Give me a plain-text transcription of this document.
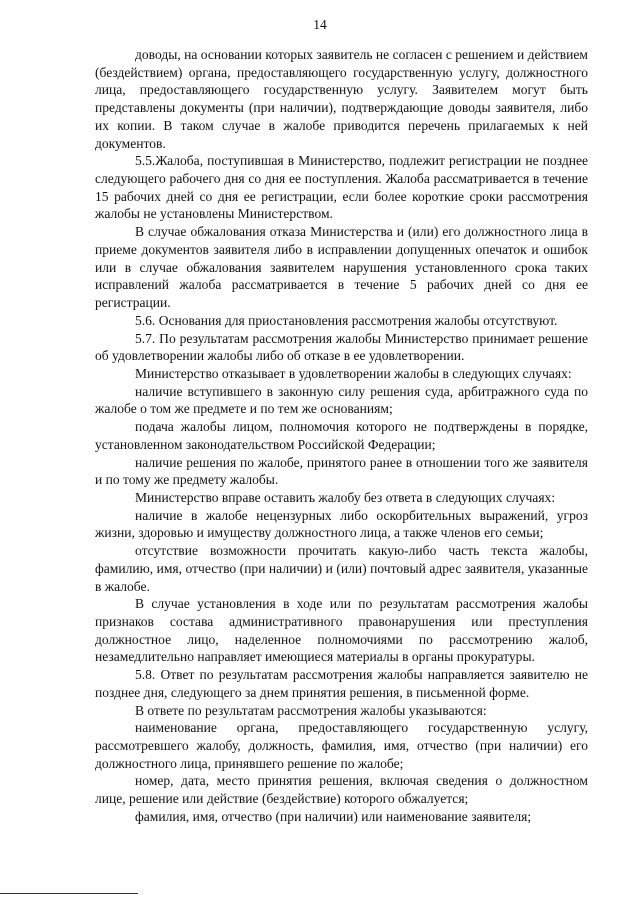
14

доводы, на основании которых заявитель не согласен с решением и действием (бездействием) органа, предоставляющего государственную услугу, должностного лица, предоставляющего государственную услугу. Заявителем могут быть представлены документы (при наличии), подтверждающие доводы заявителя, либо их копии. В таком случае в жалобе приводится перечень прилагаемых к ней документов.

5.5.Жалоба, поступившая в Министерство, подлежит регистрации не позднее следующего рабочего дня со дня ее поступления. Жалоба рассматривается в течение 15 рабочих дней со дня ее регистрации, если более короткие сроки рассмотрения жалобы не установлены Министерством.

В случае обжалования отказа Министерства и (или) его должностного лица в приеме документов заявителя либо в исправлении допущенных опечаток и ошибок или в случае обжалования заявителем нарушения установленного срока таких исправлений жалоба рассматривается в течение 5 рабочих дней со дня ее регистрации.

5.6. Основания для приостановления рассмотрения жалобы отсутствуют.

5.7. По результатам рассмотрения жалобы Министерство принимает решение об удовлетворении жалобы либо об отказе в ее удовлетворении.

Министерство отказывает в удовлетворении жалобы в следующих случаях:

наличие вступившего в законную силу решения суда, арбитражного суда по жалобе о том же предмете и по тем же основаниям;

подача жалобы лицом, полномочия которого не подтверждены в порядке, установленном законодательством Российской Федерации;

наличие решения по жалобе, принятого ранее в отношении того же заявителя и по тому же предмету жалобы.

Министерство вправе оставить жалобу без ответа в следующих случаях:

наличие в жалобе нецензурных либо оскорбительных выражений, угроз жизни, здоровью и имуществу должностного лица, а также членов его семьи;

отсутствие возможности прочитать какую-либо часть текста жалобы, фамилию, имя, отчество (при наличии) и (или) почтовый адрес заявителя, указанные в жалобе.

В случае установления в ходе или по результатам рассмотрения жалобы признаков состава административного правонарушения или преступления должностное лицо, наделенное полномочиями по рассмотрению жалоб, незамедлительно направляет имеющиеся материалы в органы прокуратуры.

5.8. Ответ по результатам рассмотрения жалобы направляется заявителю не позднее дня, следующего за днем принятия решения, в письменной форме.

В ответе по результатам рассмотрения жалобы указываются:

наименование органа, предоставляющего государственную услугу, рассмотревшего жалобу, должность, фамилия, имя, отчество (при наличии) его должностного лица, принявшего решение по жалобе;

номер, дата, место принятия решения, включая сведения о должностном лице, решение или действие (бездействие) которого обжалуется;

фамилия, имя, отчество (при наличии) или наименование заявителя;
